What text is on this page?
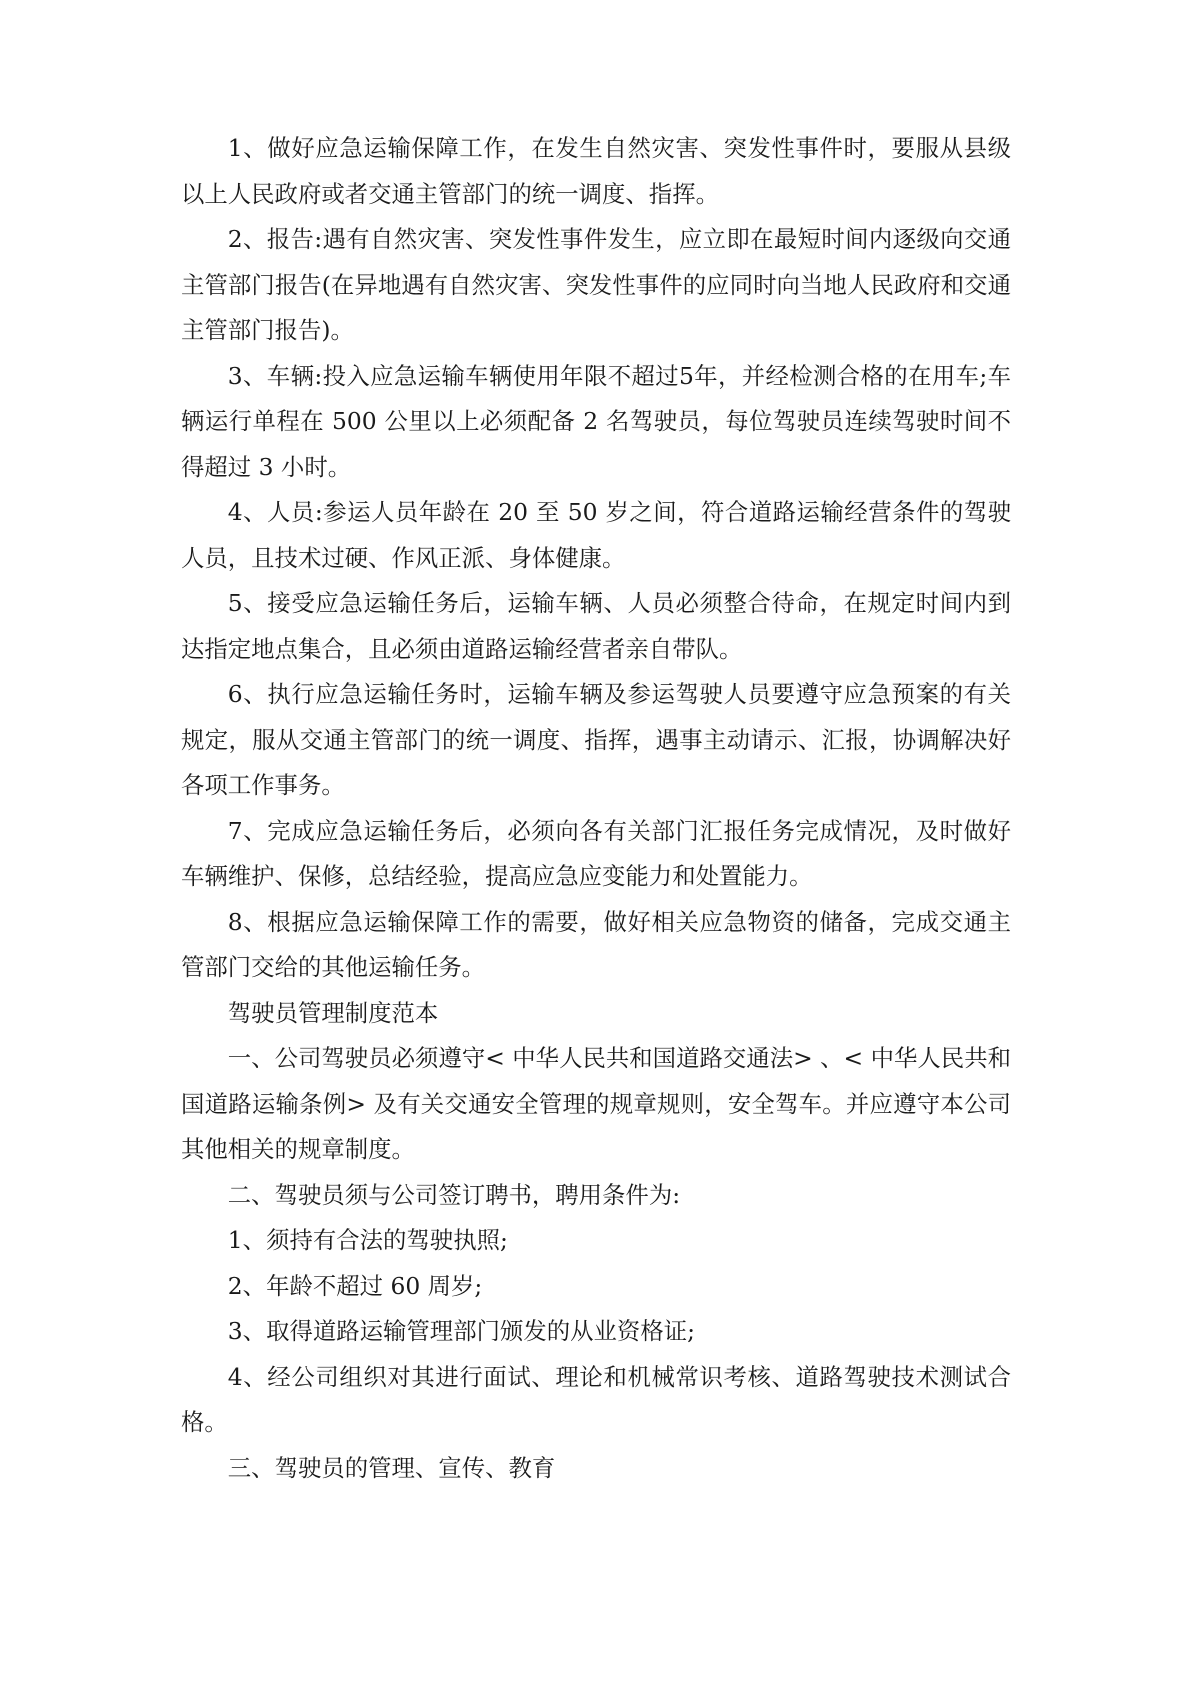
1、做好应急运输保障工作，在发生自然灾害、突发性事件时，要服从县级以上人民政府或者交通主管部门的统一调度、指挥。

2、报告:遇有自然灾害、突发性事件发生，应立即在最短时间内逐级向交通主管部门报告(在异地遇有自然灾害、突发性事件的应同时向当地人民政府和交通主管部门报告)。

3、车辆:投入应急运输车辆使用年限不超过5年，并经检测合格的在用车;车辆运行单程在 500 公里以上必须配备 2 名驾驶员，每位驾驶员连续驾驶时间不得超过 3 小时。

4、人员:参运人员年龄在 20 至 50 岁之间，符合道路运输经营条件的驾驶人员，且技术过硬、作风正派、身体健康。

5、接受应急运输任务后，运输车辆、人员必须整合待命，在规定时间内到达指定地点集合，且必须由道路运输经营者亲自带队。

6、执行应急运输任务时，运输车辆及参运驾驶人员要遵守应急预案的有关规定，服从交通主管部门的统一调度、指挥，遇事主动请示、汇报，协调解决好各项工作事务。

7、完成应急运输任务后，必须向各有关部门汇报任务完成情况，及时做好车辆维护、保修，总结经验，提高应急应变能力和处置能力。

8、根据应急运输保障工作的需要，做好相关应急物资的储备，完成交通主管部门交给的其他运输任务。

驾驶员管理制度范本

一、公司驾驶员必须遵守< 中华人民共和国道路交通法> 、< 中华人民共和国道路运输条例> 及有关交通安全管理的规章规则，安全驾车。并应遵守本公司其他相关的规章制度。

二、驾驶员须与公司签订聘书，聘用条件为:

1、须持有合法的驾驶执照;

2、年龄不超过 60 周岁;

3、取得道路运输管理部门颁发的从业资格证;

4、经公司组织对其进行面试、理论和机械常识考核、道路驾驶技术测试合格。

三、驾驶员的管理、宣传、教育
